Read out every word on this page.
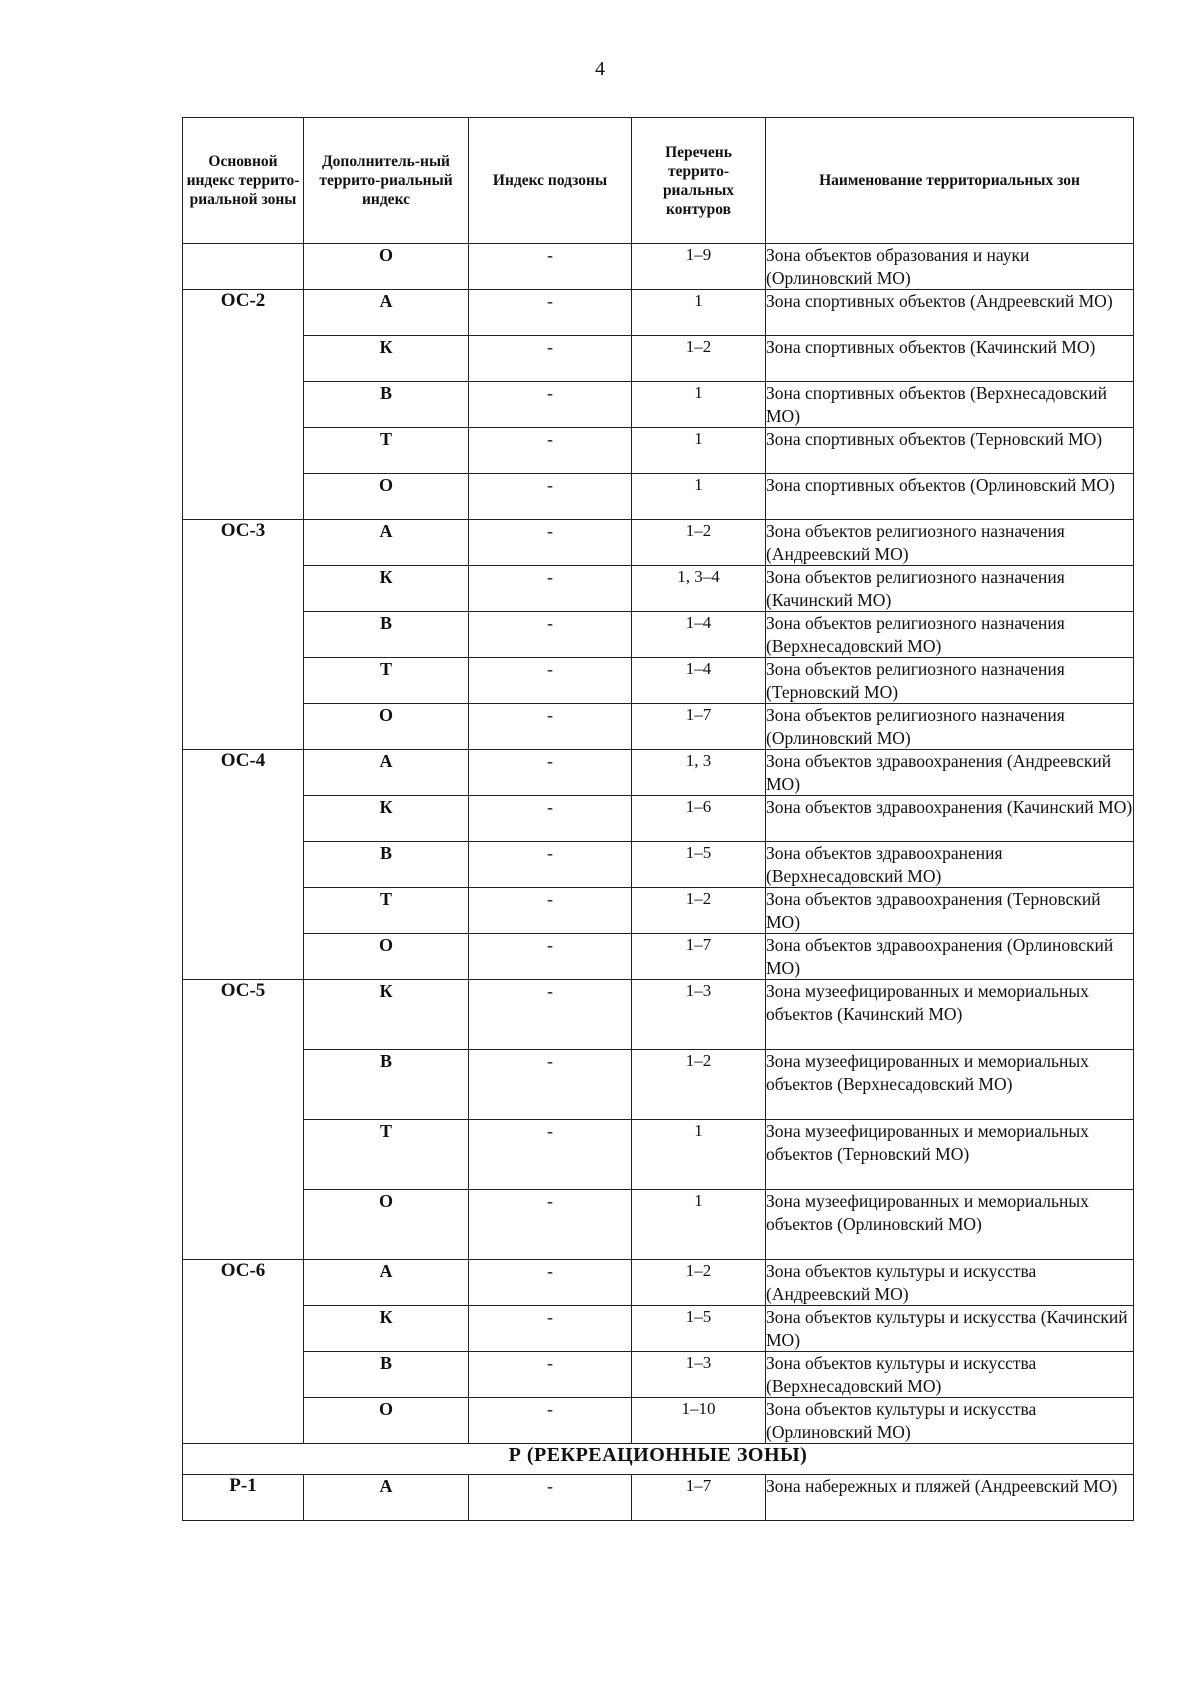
4
Основной индекс террито-риальной зоны	Дополнитель-ный террито-риальный индекс	Индекс подзоны	Перечень террито-риальных контуров	Наименование территориальных зон
	О	-	1–9	Зона объектов образования и науки (Орлиновский МО)
ОС-2	А	-	1	Зона спортивных объектов (Андреевский МО)
	К	-	1–2	Зона спортивных объектов (Качинский МО)
	В	-	1	Зона спортивных объектов (Верхнесадовский МО)
	Т	-	1	Зона спортивных объектов (Терновский МО)
	О	-	1	Зона спортивных объектов (Орлиновский МО)
ОС-3	А	-	1–2	Зона объектов религиозного назначения (Андреевский МО)
	К	-	1, 3–4	Зона объектов религиозного назначения (Качинский МО)
	В	-	1–4	Зона объектов религиозного назначения (Верхнесадовский МО)
	Т	-	1–4	Зона объектов религиозного назначения (Терновский МО)
	О	-	1–7	Зона объектов религиозного назначения (Орлиновский МО)
ОС-4	А	-	1, 3	Зона объектов здравоохранения (Андреевский МО)
	К	-	1–6	Зона объектов здравоохранения (Качинский МО)
	В	-	1–5	Зона объектов здравоохранения (Верхнесадовский МО)
	Т	-	1–2	Зона объектов здравоохранения (Терновский МО)
	О	-	1–7	Зона объектов здравоохранения (Орлиновский МО)
ОС-5	К	-	1–3	Зона музеефицированных и мемориальных объектов (Качинский МО)
	В	-	1–2	Зона музеефицированных и мемориальных объектов (Верхнесадовский МО)
	Т	-	1	Зона музеефицированных и мемориальных объектов (Терновский МО)
	О	-	1	Зона музеефицированных и мемориальных объектов (Орлиновский МО)
ОС-6	А	-	1–2	Зона объектов культуры и искусства (Андреевский МО)
	К	-	1–5	Зона объектов культуры и искусства (Качинский МО)
	В	-	1–3	Зона объектов культуры и искусства (Верхнесадовский МО)
	О	-	1–10	Зона объектов культуры и искусства (Орлиновский МО)
Р (РЕКРЕАЦИОННЫЕ ЗОНЫ)				
Р-1	А	-	1–7	Зона набережных и пляжей (Андреевский МО)
